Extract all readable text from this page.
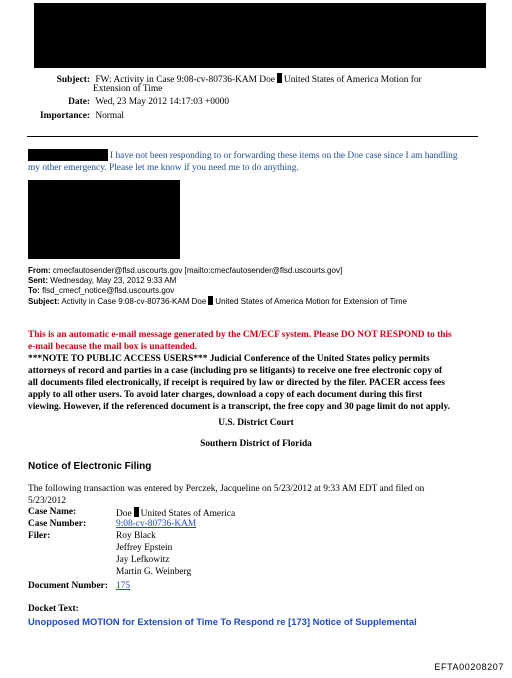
Subject: FW: Activity in Case 9:08-cv-80736-KAM Doe United States of America Motion for
Extension of Time
Date: Wed, 23 May 2012 14:17:03 +0000
Importance: Normal
I have not been responding to or forwarding these items on the Doe case since I am handling
my other emergency. Please let me know if you need me to do anything.
From: cmecfautosender@flsd.uscourts.gov [mailto:cmecfautosender@flsd.uscourts.gov]
Sent: Wednesday, May 23, 2012 9:33 AM
To: flsd_cmecf_notice@flsd.uscourts.gov
Subject: Activity in Case 9:08-cv-80736-KAM Doe United States of America Motion for Extension of Time
This is an automatic e-mail message generated by the CM/ECF system. Please DO NOT RESPOND to this
e-mail because the mail box is unattended.
***NOTE TO PUBLIC ACCESS USERS*** Judicial Conference of the United States policy permits
attorneys of record and parties in a case (including pro se litigants) to receive one free electronic copy of
all documents filed electronically, if receipt is required by law or directed by the filer. PACER access fees
apply to all other users. To avoid later charges, download a copy of each document during this first
viewing. However, if the referenced document is a transcript, the free copy and 30 page limit do not apply.
U.S. District Court
Southern District of Florida
Notice of Electronic Filing
The following transaction was entered by Perczek, Jacqueline on 5/23/2012 at 9:33 AM EDT and filed on
5/23/2012
Case Name:	Doe United States of America
Case Number:	9:08-cv-80736-KAM
Filer:	Roy Black
Jeffrey Epstein
Jay Lefkowitz
Martin G. Weinberg
Document Number: 175
Docket Text:
Unopposed MOTION for Extension of Time To Respond re [173] Notice of Supplemental
EFTA00208207
